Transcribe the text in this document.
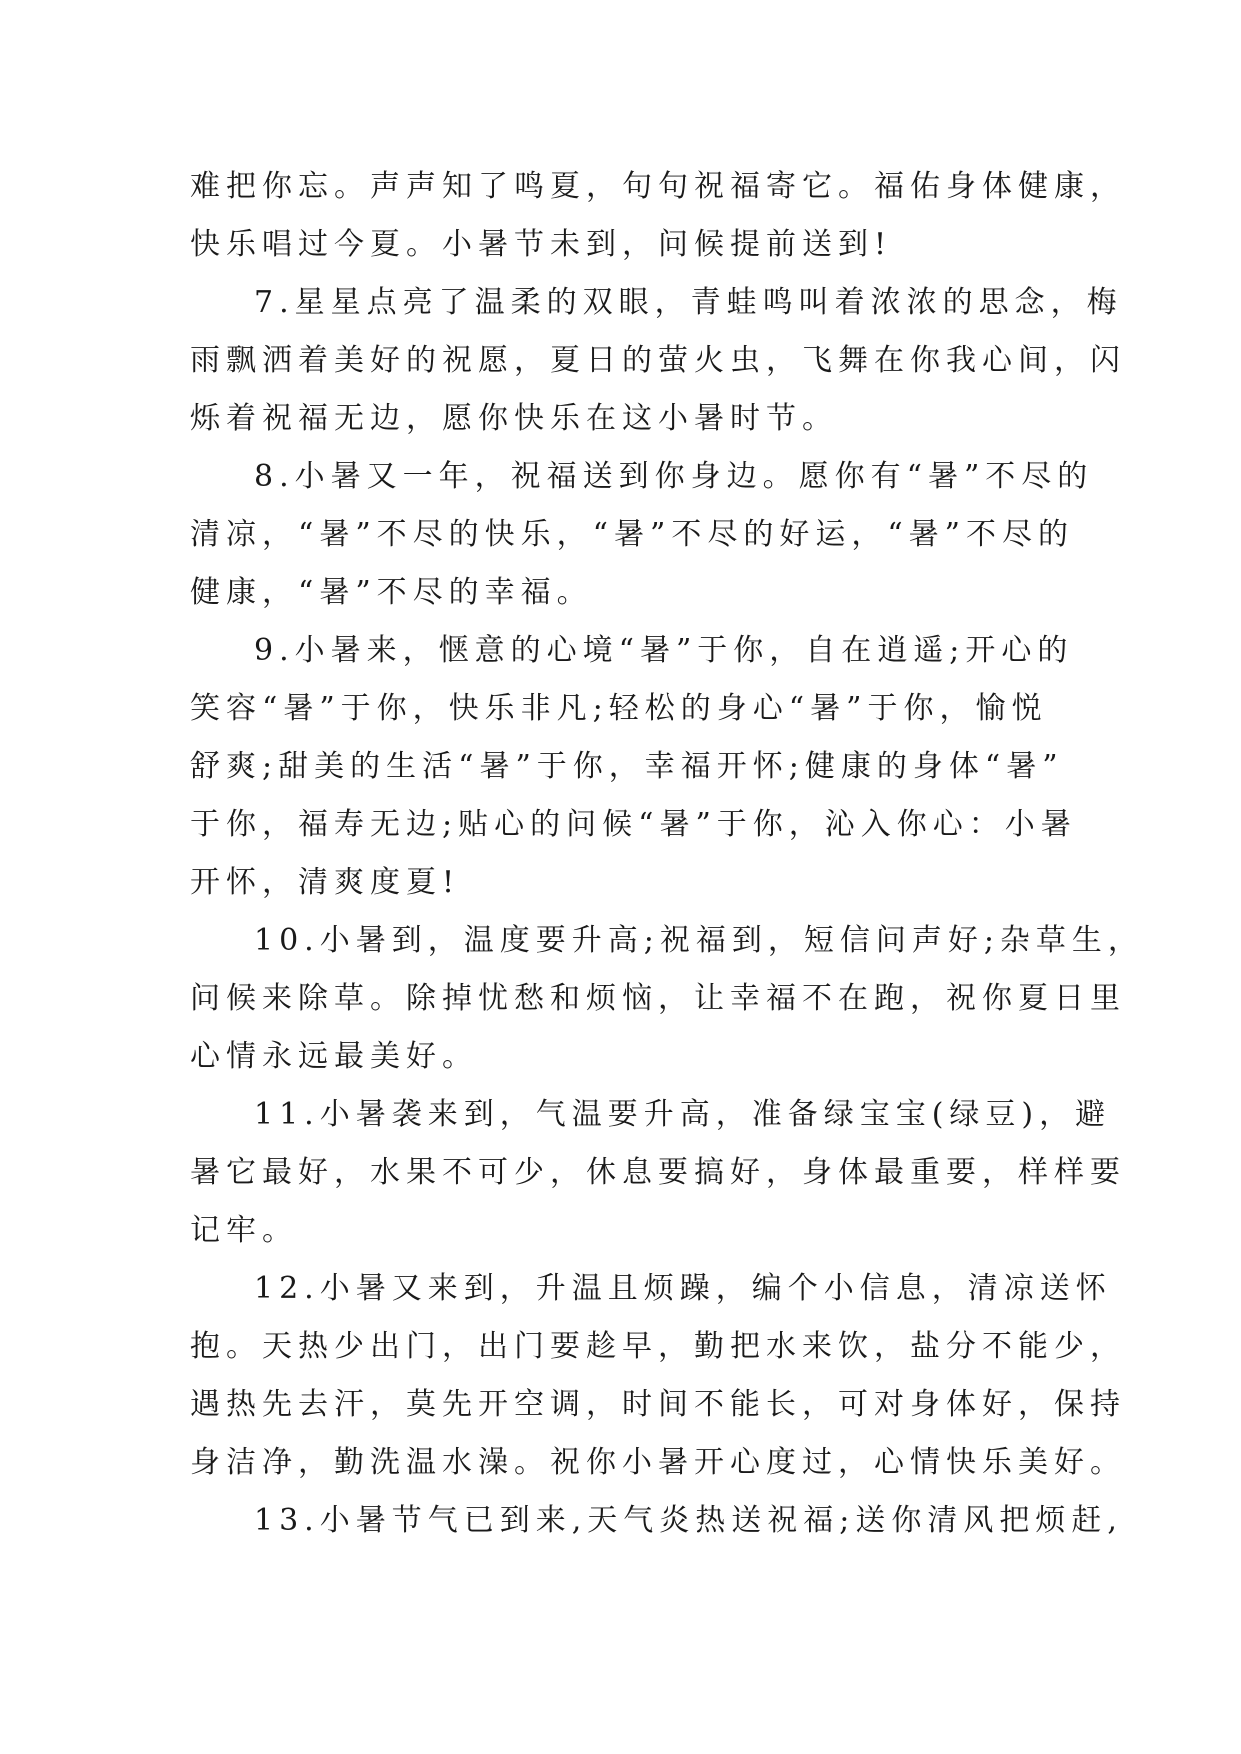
难把你忘。声声知了鸣夏，句句祝福寄它。福佑身体健康，
快乐唱过今夏。小暑节未到，问候提前送到!
7.星星点亮了温柔的双眼，青蛙鸣叫着浓浓的思念，梅
雨飘洒着美好的祝愿，夏日的萤火虫，飞舞在你我心间，闪
烁着祝福无边，愿你快乐在这小暑时节。
8.小暑又一年，祝福送到你身边。愿你有“暑”不尽的
清凉，“暑”不尽的快乐，“暑”不尽的好运，“暑”不尽的
健康，“暑”不尽的幸福。
9.小暑来，惬意的心境“暑”于你，自在逍遥;开心的
笑容“暑”于你，快乐非凡;轻松的身心“暑”于你，愉悦
舒爽;甜美的生活“暑”于你，幸福开怀;健康的身体“暑”
于你，福寿无边;贴心的问候“暑”于你，沁入你心：小暑
开怀，清爽度夏!
10.小暑到，温度要升高;祝福到，短信问声好;杂草生，
问候来除草。除掉忧愁和烦恼，让幸福不在跑，祝你夏日里
心情永远最美好。
11.小暑袭来到，气温要升高，准备绿宝宝(绿豆)，避
暑它最好，水果不可少，休息要搞好，身体最重要，样样要
记牢。
12.小暑又来到，升温且烦躁，编个小信息，清凉送怀
抱。天热少出门，出门要趁早，勤把水来饮，盐分不能少，
遇热先去汗，莫先开空调，时间不能长，可对身体好，保持
身洁净，勤洗温水澡。祝你小暑开心度过，心情快乐美好。
13.小暑节气已到来,天气炎热送祝福;送你清风把烦赶,
